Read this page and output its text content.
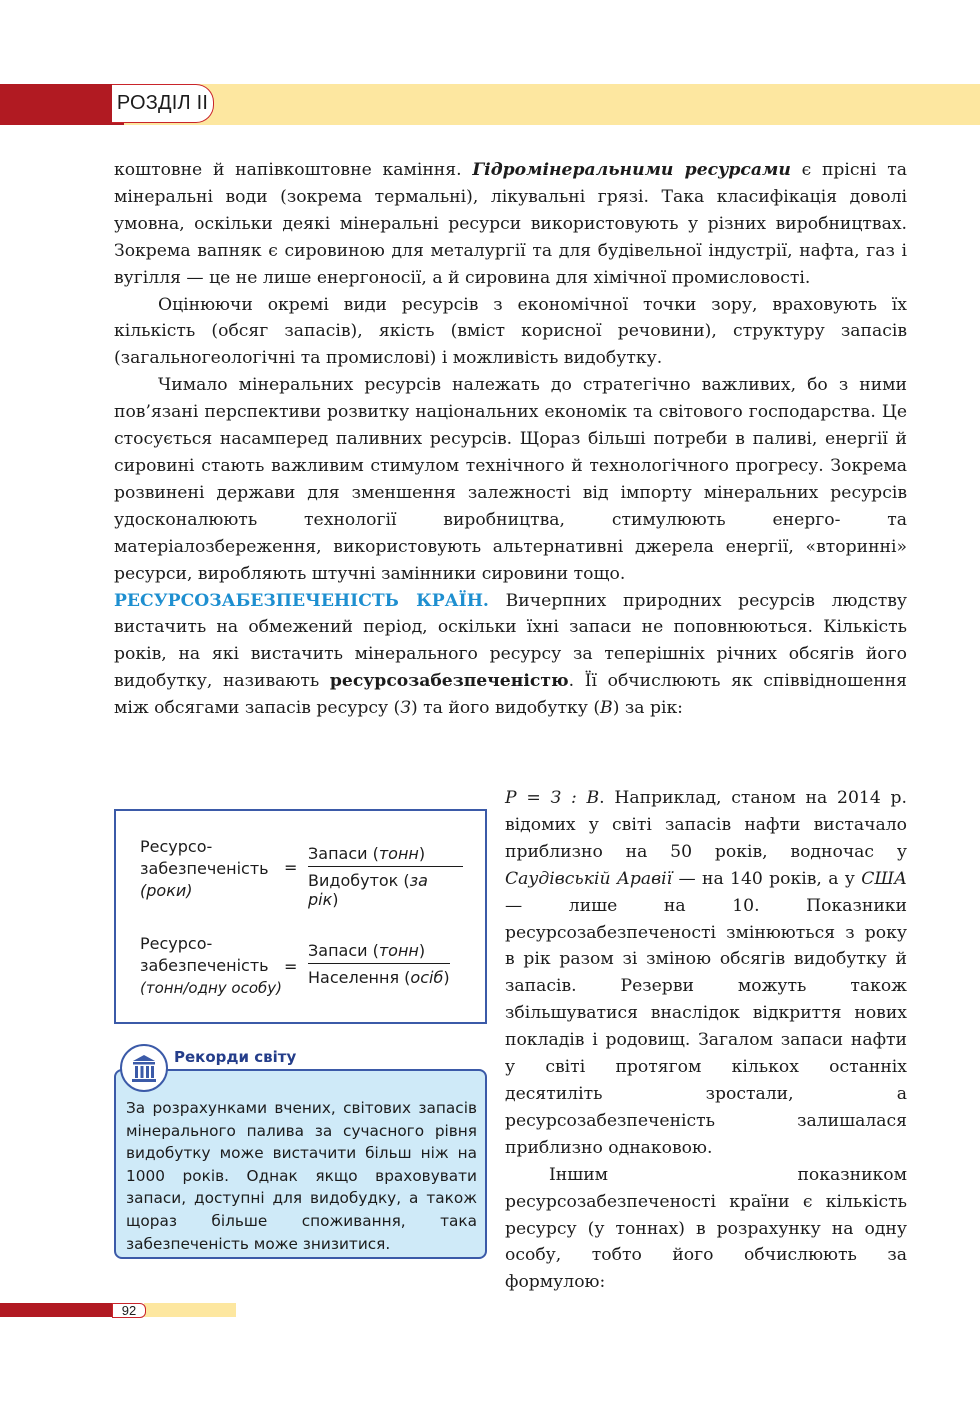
РОЗДІЛ II

коштовне й напівкоштовне каміння. Гідромінеральними ресурсами є прісні та мінеральні води (зокрема термальні), лікувальні грязі. Така класифікація доволі умовна, оскільки деякі мінеральні ресурси використовують у різних виробництвах. Зокрема вапняк є сировиною для металургії та для будівельної індустрії, нафта, газ і вугілля — це не лише енергоносії, а й сировина для хімічної промисловості.

Оцінюючи окремі види ресурсів з економічної точки зору, враховують їх кількість (обсяг запасів), якість (вміст корисної речовини), структуру запасів (загальногеологічні та промислові) і можливість видобутку.

Чимало мінеральних ресурсів належать до стратегічно важливих, бо з ними пов’язані перспективи розвитку національних економік та світового господарства. Це стосується насамперед паливних ресурсів. Щораз більші потреби в паливі, енергії й сировині стають важливим стимулом технічного й технологічного прогресу. Зокрема розвинені держави для зменшення залежності від імпорту мінеральних ресурсів удосконалюють технології виробництва, стимулюють енерго- та матеріалозбереження, використовують альтернативні джерела енергії, «вторинні» ресурси, виробляють штучні замінники сировини тощо.

РЕСУРСОЗАБЕЗПЕЧЕНІСТЬ КРАЇН. Вичерпних природних ресурсів людству вистачить на обмежений період, оскільки їхні запаси не поповнюються. Кількість років, на які вистачить мінерального ресурсу за теперішніх річних обсягів його видобутку, називають ресурсозабезпеченістю. Її обчислюють як співвідношення між обсягами запасів ресурсу (З) та його видобутку (В) за рік:

Р = З : В. Наприклад, станом на 2014 р. відомих у світі запасів нафти вистачало приблизно на 50 років, водночас у Саудівській Аравії — на 140 років, а у США — лише на 10. Показники ресурсозабезпеченості змінюються з року в рік разом зі зміною обсягів видобутку й запасів. Резерви можуть також збільшуватися внаслідок відкриття нових покладів і родовищ. Загалом запаси нафти у світі протягом кількох останніх десятиліть зростали, а ресурсозабезпеченість залишалася приблизно однаковою.

Іншим показником ресурсозабезпеченості країни є кількість ресурсу (у тоннах) в розрахунку на одну особу, тобто його обчислюють за формулою:

Ресурсо-
забезпеченість
(роки)
=
Запаси (тонн)
Видобуток (за рік)
Ресурсо-
забезпеченість
(тонн/одну особу)
=
Запаси (тонн)
Населення (осіб)

За розрахунками вчених, світових запасів мінерального палива за сучасного рівня видобутку може вистачити більш ніж на 1000 років. Однак якщо враховувати запаси, доступні для видобудку, а також щораз більше споживання, така забезпеченість може знизитися.

Рекорди світу
92
